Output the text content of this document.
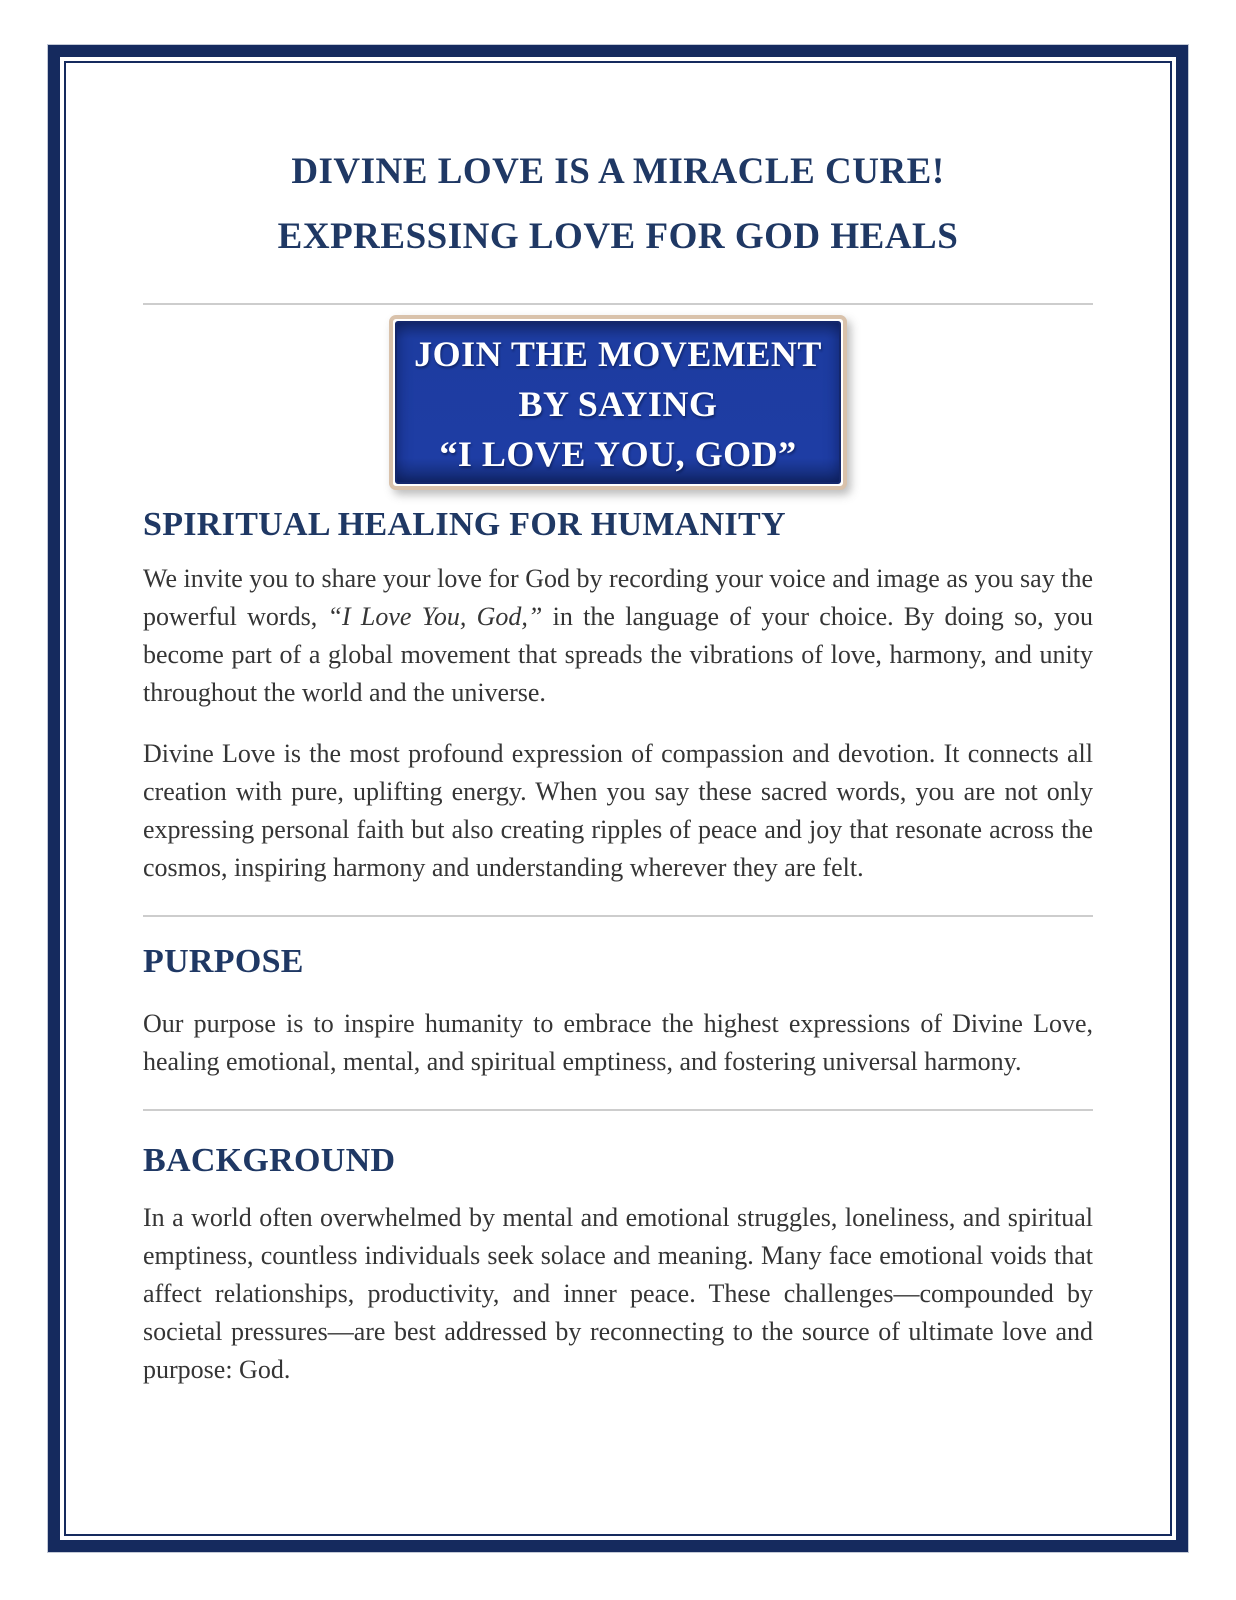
DIVINE LOVE IS A MIRACLE CURE!
EXPRESSING LOVE FOR GOD HEALS
JOIN THE MOVEMENT
BY SAYING
“I LOVE YOU, GOD”
SPIRITUAL HEALING FOR HUMANITY

We invite you to share your love for God by recording your voice and image as you say the powerful words, “I Love You, God,” in the language of your choice. By doing so, you become part of a global movement that spreads the vibrations of love, harmony, and unity throughout the world and the universe.

Divine Love is the most profound expression of compassion and devotion. It connects all creation with pure, uplifting energy. When you say these sacred words, you are not only expressing personal faith but also creating ripples of peace and joy that resonate across the cosmos, inspiring harmony and understanding wherever they are felt.

PURPOSE

Our purpose is to inspire humanity to embrace the highest expressions of Divine Love, healing emotional, mental, and spiritual emptiness, and fostering universal harmony.

BACKGROUND

In a world often overwhelmed by mental and emotional struggles, loneliness, and spiritual emptiness, countless individuals seek solace and meaning. Many face emotional voids that affect relationships, productivity, and inner peace. These challenges—compounded by societal pressures—are best addressed by reconnecting to the source of ultimate love and purpose: God.
